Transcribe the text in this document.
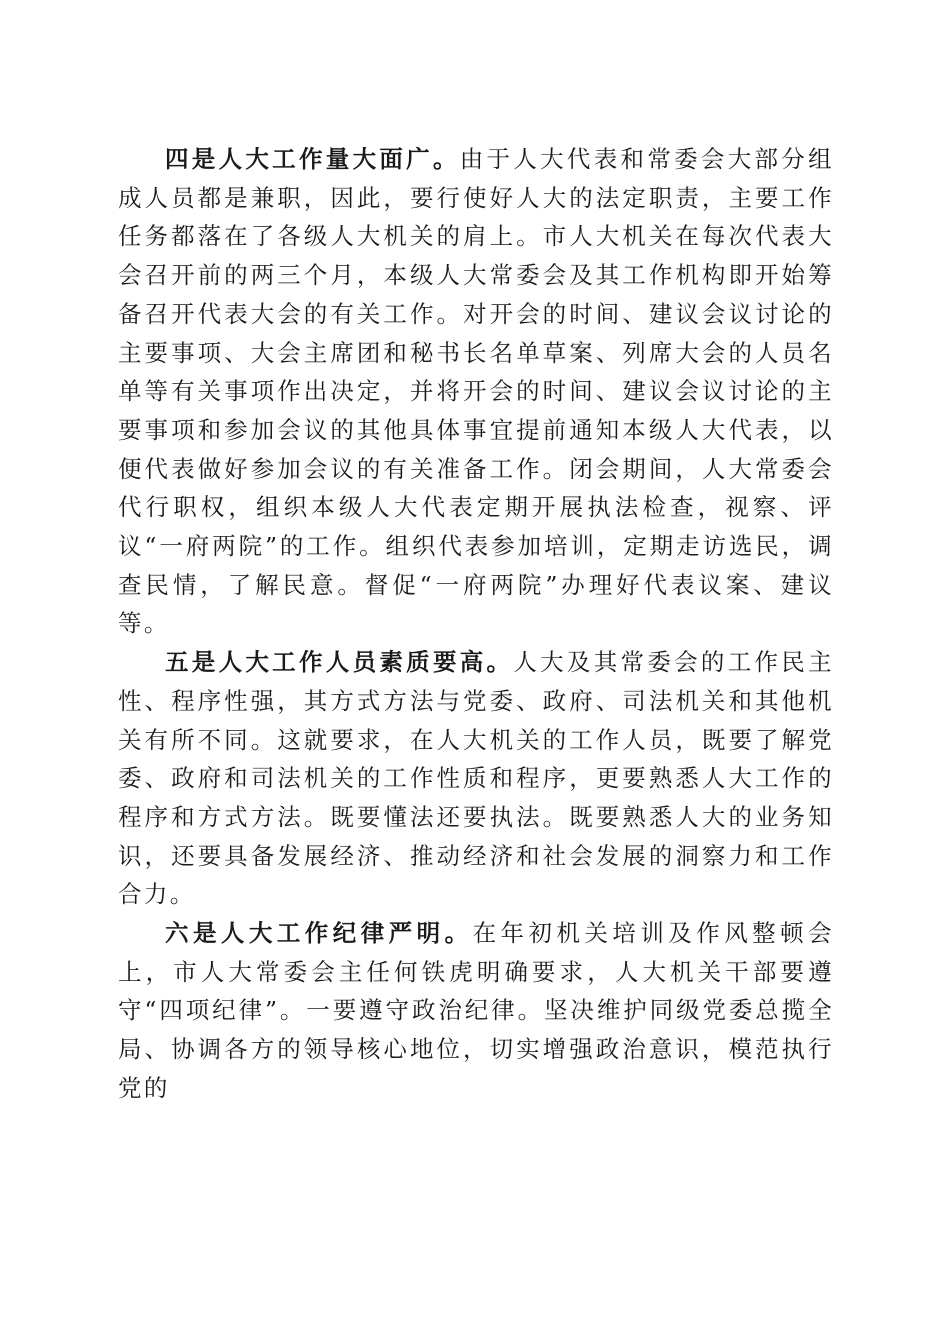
四是人大工作量大面广。由于人大代表和常委会大部分组成人员都是兼职，因此，要行使好人大的法定职责，主要工作任务都落在了各级人大机关的肩上。市人大机关在每次代表大会召开前的两三个月，本级人大常委会及其工作机构即开始筹备召开代表大会的有关工作。对开会的时间、建议会议讨论的主要事项、大会主席团和秘书长名单草案、列席大会的人员名单等有关事项作出决定，并将开会的时间、建议会议讨论的主要事项和参加会议的其他具体事宜提前通知本级人大代表，以便代表做好参加会议的有关准备工作。闭会期间，人大常委会代行职权，组织本级人大代表定期开展执法检查，视察、评议“一府两院”的工作。组织代表参加培训，定期走访选民，调查民情，了解民意。督促“一府两院”办理好代表议案、建议等。

五是人大工作人员素质要高。人大及其常委会的工作民主性、程序性强，其方式方法与党委、政府、司法机关和其他机关有所不同。这就要求，在人大机关的工作人员，既要了解党委、政府和司法机关的工作性质和程序，更要熟悉人大工作的程序和方式方法。既要懂法还要执法。既要熟悉人大的业务知识，还要具备发展经济、推动经济和社会发展的洞察力和工作合力。

六是人大工作纪律严明。在年初机关培训及作风整顿会上，市人大常委会主任何铁虎明确要求，人大机关干部要遵守“四项纪律”。一要遵守政治纪律。坚决维护同级党委总揽全局、协调各方的领导核心地位，切实增强政治意识，模范执行党的
